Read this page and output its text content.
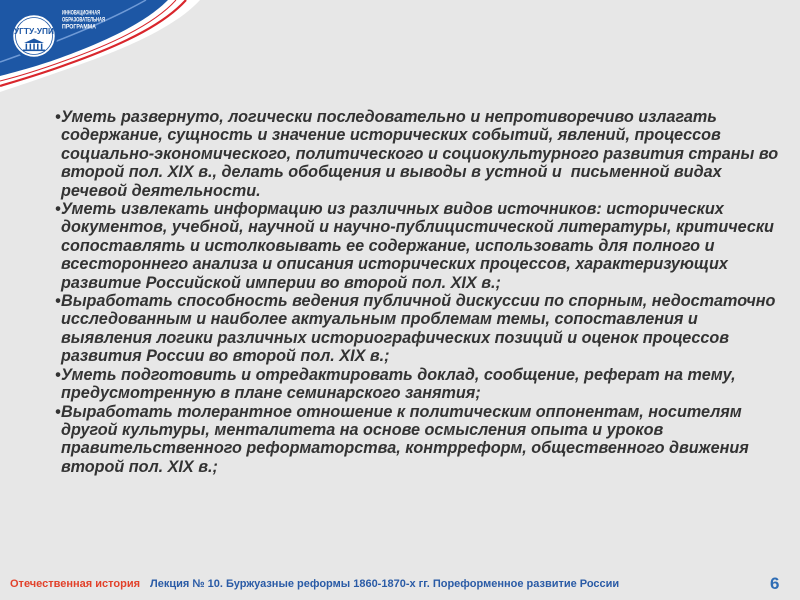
УГТУ-УПИ
ИННОВАЦИОННАЯ
ОБРАЗОВАТЕЛЬНАЯ
ПРОГРАММА
• Уметь развернуто, логически последовательно и непротиворечиво излагать
содержание, сущность и значение исторических событий, явлений, процессов
социально-экономического, политического и социокультурного развития страны во
второй пол. XIX в., делать обобщения и выводы в устной и  письменной видах
речевой деятельности.
• Уметь извлекать информацию из различных видов источников: исторических
документов, учебной, научной и научно-публицистической литературы, критически
сопоставлять и истолковывать ее содержание, использовать для полного и
всестороннего анализа и описания исторических процессов, характеризующих
развитие Российской империи во второй пол. XIX в.;
• Выработать способность ведения публичной дискуссии по спорным, недостаточно
исследованным и наиболее актуальным проблемам темы, сопоставления и
выявления логики различных историографических позиций и оценок процессов
развития России во второй пол. XIX в.;
• Уметь подготовить и отредактировать доклад, сообщение, реферат на тему,
предусмотренную в плане семинарского занятия;
• Выработать толерантное отношение к политическим оппонентам, носителям
другой культуры, менталитета на основе осмысления опыта и уроков
правительственного реформаторства, контрреформ, общественного движения
второй пол. XIX в.;
Отечественная история Лекция № 10. Буржуазные реформы 1860-1870-х гг. Пореформенное развитие России	6
